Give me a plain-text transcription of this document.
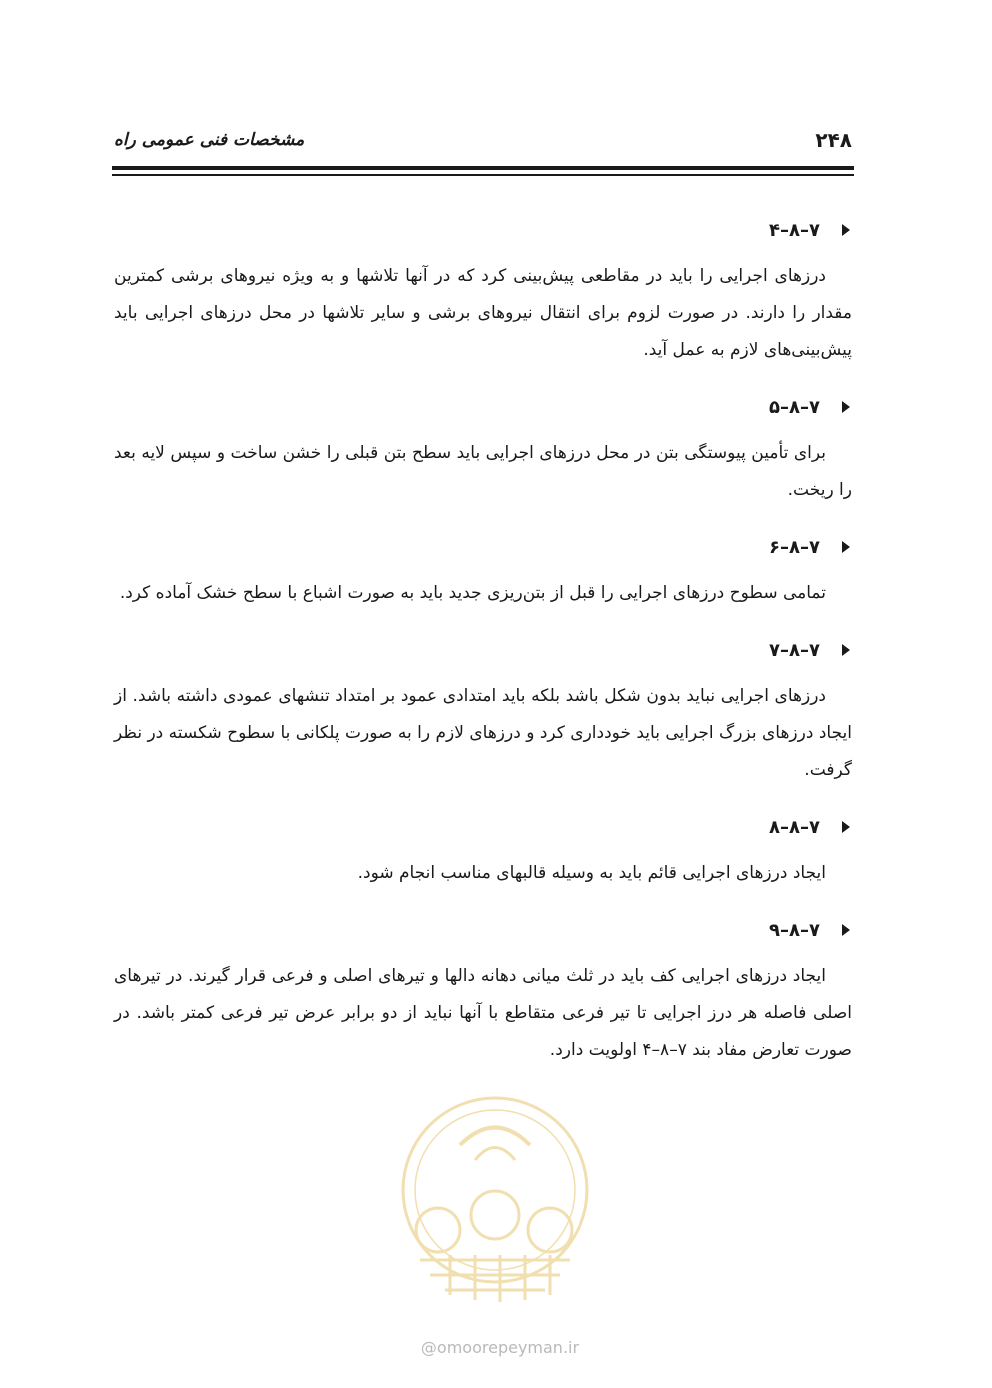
۲۴۸
مشخصات فنی عمومی راه
۷–۸–۴

درزهای اجرایی را باید در مقاطعی پیش‌بینی کرد که در آنها تلاشها و به ویژه نیروهای برشی کمترین مقدار را دارند. در صورت لزوم برای انتقال نیروهای برشی و سایر تلاشها در محل درزهای اجرایی باید پیش‌بینی‌های لازم به عمل آید.

۷–۸–۵

برای تأمین پیوستگی بتن در محل درزهای اجرایی باید سطح بتن قبلی را خشن ساخت و سپس لایه بعد را ریخت.

۷–۸–۶

تمامی سطوح درزهای اجرایی را قبل از بتن‌ریزی جدید باید به صورت اشباع با سطح خشک آماده کرد.

۷–۸–۷

درزهای اجرایی نباید بدون شکل باشد بلکه باید امتدادی عمود بر امتداد تنشهای عمودی داشته باشد. از ایجاد درزهای بزرگ اجرایی باید خودداری کرد و درزهای لازم را به صورت پلکانی با سطوح شکسته در نظر گرفت.

۷–۸–۸

ایجاد درزهای اجرایی قائم باید به وسیله قالبهای مناسب انجام شود.

۷–۸–۹

ایجاد درزهای اجرایی کف باید در ثلث میانی دهانه دالها و تیرهای اصلی و فرعی قرار گیرند. در تیرهای اصلی فاصله هر درز اجرایی تا تیر فرعی متقاطع با آنها نباید از دو برابر عرض تیر فرعی کمتر باشد. در صورت تعارض مفاد بند ۷–۸–۴ اولویت دارد.

@omoorepeyman.ir
